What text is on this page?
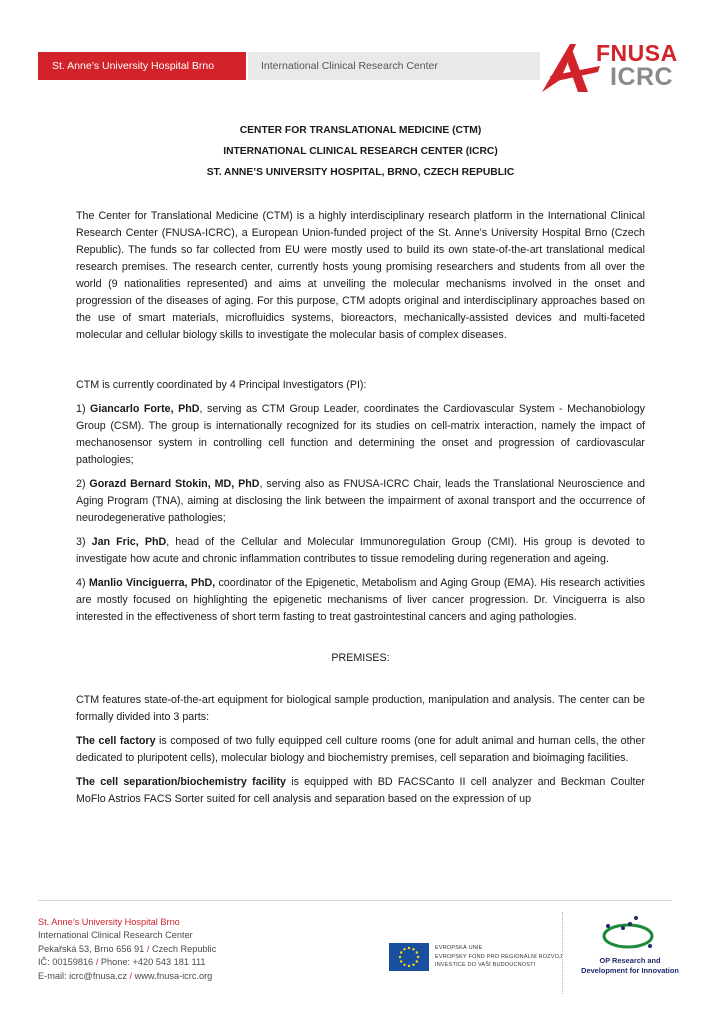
St. Anne’s University Hospital Brno	International Clinical Research Center	FNUSA
ICRC

CENTER FOR TRANSLATIONAL MEDICINE (CTM)

INTERNATIONAL CLINICAL RESEARCH CENTER (ICRC)

ST. ANNE’S UNIVERSITY HOSPITAL, BRNO, CZECH REPUBLIC

The Center for Translational Medicine (CTM) is a highly interdisciplinary research platform in the International Clinical Research Center (FNUSA-ICRC), a European Union-funded project of the St. Anne’s University Hospital Brno (Czech Republic). The funds so far collected from EU were mostly used to build its own state-of-the-art translational medical research premises. The research center, currently hosts young promising researchers and students from all over the world (9 nationalities represented) and aims at unveiling the molecular mechanisms involved in the onset and progression of the diseases of aging. For this purpose, CTM adopts original and interdisciplinary approaches based on the use of smart materials, microfluidics systems, bioreactors, mechanically-assisted devices and multi-faceted molecular and cellular biology skills to investigate the molecular basis of complex diseases.

CTM is currently coordinated by 4 Principal Investigators (PI):

1) Giancarlo Forte, PhD, serving as CTM Group Leader, coordinates the Cardiovascular System - Mechanobiology Group (CSM). The group is internationally recognized for its studies on cell-matrix interaction, namely the impact of mechanosensor system in controlling cell function and determining the onset and progression of cardiovascular pathologies;

2) Gorazd Bernard Stokin, MD, PhD, serving also as FNUSA-ICRC Chair, leads the Translational Neuroscience and Aging Program (TNA), aiming at disclosing the link between the impairment of axonal transport and the occurrence of neurodegenerative pathologies;

3) Jan Fric, PhD, head of the Cellular and Molecular Immunoregulation Group (CMI). His group is devoted to investigate how acute and chronic inflammation contributes to tissue remodeling during regeneration and ageing.

4) Manlio Vinciguerra, PhD, coordinator of the Epigenetic, Metabolism and Aging Group (EMA). His research activities are mostly focused on highlighting the epigenetic mechanisms of liver cancer progression. Dr. Vinciguerra is also interested in the effectiveness of short term fasting to treat gastrointestinal cancers and aging pathologies.

PREMISES:

CTM features state-of-the-art equipment for biological sample production, manipulation and analysis. The center can be formally divided into 3 parts:

The cell factory is composed of two fully equipped cell culture rooms (one for adult animal and human cells, the other dedicated to pluripotent cells), molecular biology and biochemistry premises, cell separation and bioimaging facilities.

The cell separation/biochemistry facility is equipped with BD FACSCanto II cell analyzer and Beckman Coulter MoFlo Astrios FACS Sorter suited for cell analysis and separation based on the expression of up

St. Anne’s University Hospital Brno
International Clinical Research Center
Pekařská 53, Brno 656 91 / Czech Republic
IČ: 00159816 / Phone: +420 543 181 111
E-mail: icrc@fnusa.cz / www.fnusa-icrc.org
EVROPSKÁ UNIE
EVROPSKÝ FOND PRO REGIONÁLNÍ ROZVOJ
INVESTICE DO VAŠÍ BUDOUCNOSTI	OP Research and
Development for Innovation
